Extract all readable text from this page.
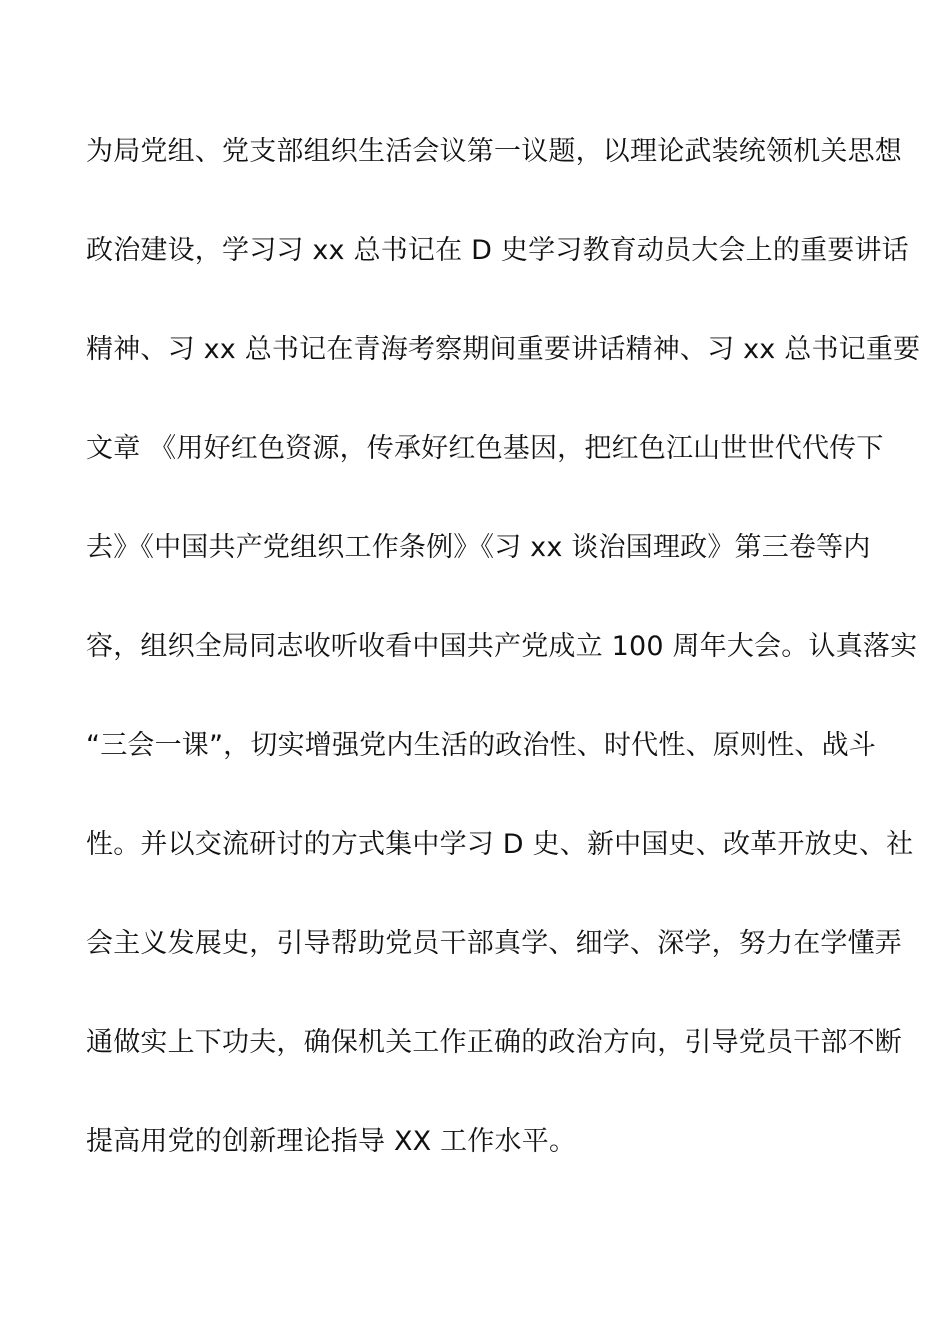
为局党组、党支部组织生活会议第一议题，以理论武装统领机关思想
政治建设，学习习 xx 总书记在 D 史学习教育动员大会上的重要讲话
精神、习 xx 总书记在青海考察期间重要讲话精神、习 xx 总书记重要
文章 《用好红色资源，传承好红色基因，把红色江山世世代代传下
去》《中国共产党组织工作条例》《习 xx 谈治国理政》第三卷等内
容，组织全局同志收听收看中国共产党成立 100 周年大会。认真落实
“三会一课”，切实增强党内生活的政治性、时代性、原则性、战斗
性。并以交流研讨的方式集中学习 D 史、新中国史、改革开放史、社
会主义发展史，引导帮助党员干部真学、细学、深学，努力在学懂弄
通做实上下功夫，确保机关工作正确的政治方向，引导党员干部不断
提高用党的创新理论指导 XX 工作水平。
